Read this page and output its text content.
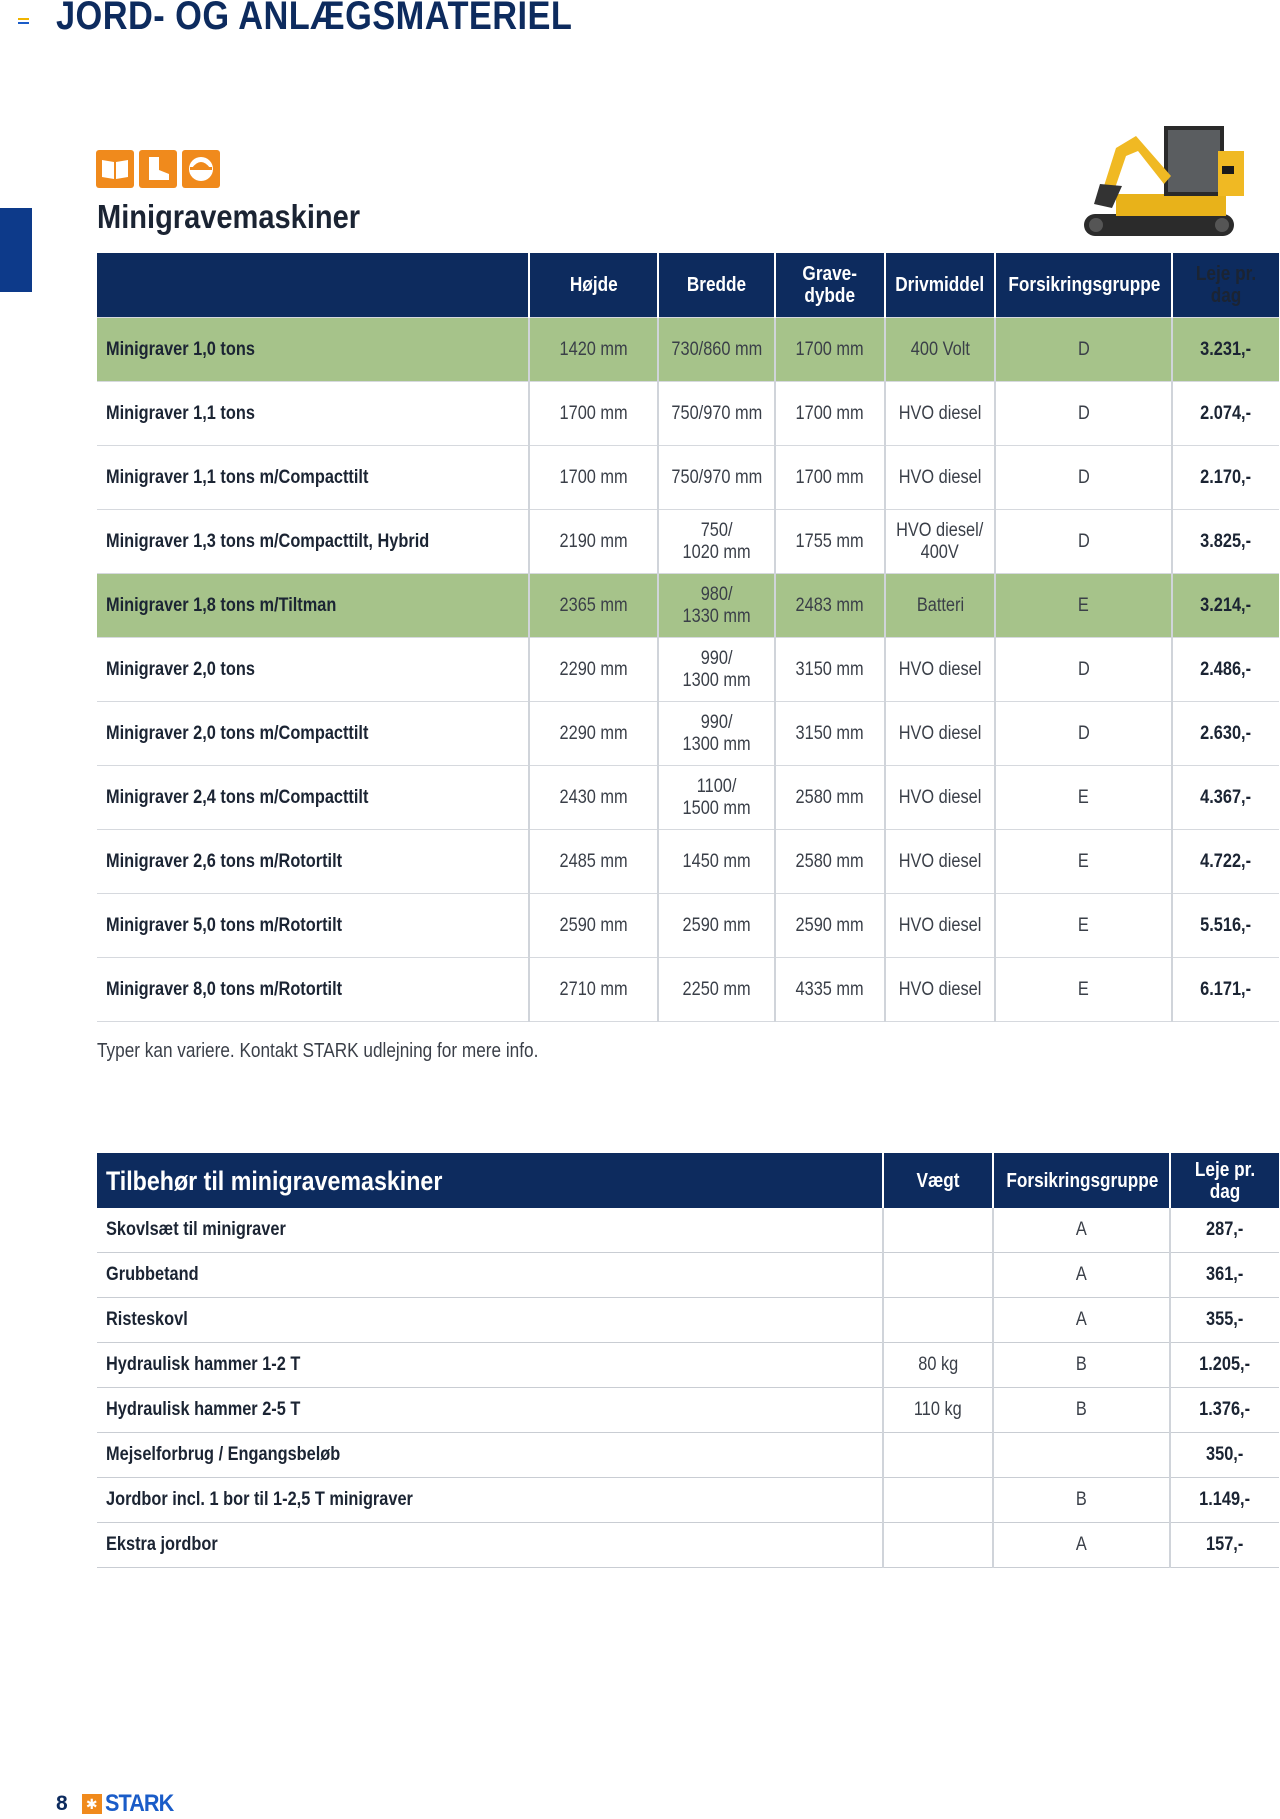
JORD- OG ANLÆGSMATERIEL
Minigravemaskiner
	Højde	Bredde	Grave-
dybde	Drivmiddel	Forsikringsgruppe	Leje pr.
dag
Minigraver 1,0 tons	1420 mm	730/860 mm	1700 mm	400 Volt	D	3.231,-
Minigraver 1,1 tons	1700 mm	750/970 mm	1700 mm	HVO diesel	D	2.074,-
Minigraver 1,1 tons m/Compacttilt	1700 mm	750/970 mm	1700 mm	HVO diesel	D	2.170,-
Minigraver 1,3 tons m/Compacttilt, Hybrid	2190 mm	750/
1020 mm	1755 mm	HVO diesel/
400V	D	3.825,-
Minigraver 1,8 tons m/Tiltman	2365 mm	980/
1330 mm	2483 mm	Batteri	E	3.214,-
Minigraver 2,0 tons	2290 mm	990/
1300 mm	3150 mm	HVO diesel	D	2.486,-
Minigraver 2,0 tons m/Compacttilt	2290 mm	990/
1300 mm	3150 mm	HVO diesel	D	2.630,-
Minigraver 2,4 tons m/Compacttilt	2430 mm	1100/
1500 mm	2580 mm	HVO diesel	E	4.367,-
Minigraver 2,6 tons m/Rotortilt	2485 mm	1450 mm	2580 mm	HVO diesel	E	4.722,-
Minigraver 5,0 tons m/Rotortilt	2590 mm	2590 mm	2590 mm	HVO diesel	E	5.516,-
Minigraver 8,0 tons m/Rotortilt	2710 mm	2250 mm	4335 mm	HVO diesel	E	6.171,-
Typer kan variere. Kontakt STARK udlejning for mere info.
Tilbehør til minigravemaskiner	Vægt	Forsikringsgruppe	Leje pr.
dag
Skovlsæt til minigraver		A	287,-
Grubbetand		A	361,-
Risteskovl		A	355,-
Hydraulisk hammer 1-2 T	80 kg	B	1.205,-
Hydraulisk hammer 2-5 T	110 kg	B	1.376,-
Mejselforbrug / Engangsbeløb			350,-
Jordbor incl. 1 bor til 1-2,5 T minigraver		B	1.149,-
Ekstra jordbor		A	157,-
8 ✱ STARK
